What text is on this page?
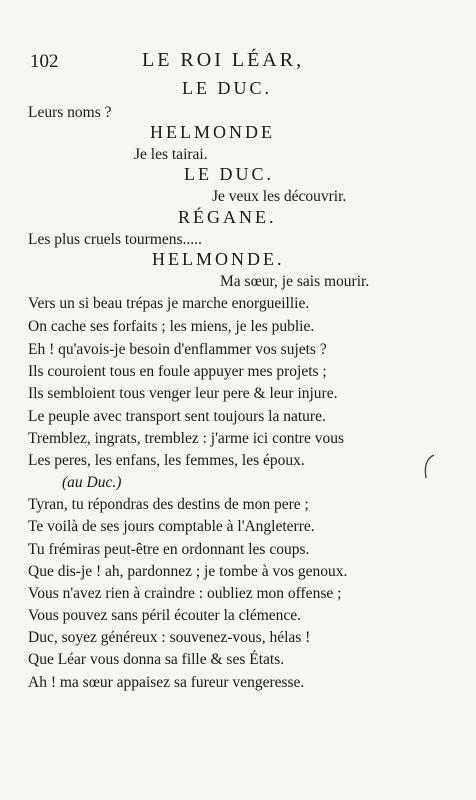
102	LE ROI LÉAR,
LE DUC.
Leurs noms ?
HELMONDE
Je les tairai.
LE DUC.
Je veux les découvrir.
RÉGANE.
Les plus cruels tourmens.....
HELMONDE.
Ma sœur, je sais mourir.
Vers un si beau trépas je marche enorgueillie.
On cache ses forfaits ; les miens, je les publie.
Eh ! qu'avois-je besoin d'enflammer vos sujets ?
Ils couroient tous en foule appuyer mes projets ;
Ils sembloient tous venger leur pere & leur injure.
Le peuple avec transport sent toujours la nature.
Tremblez, ingrats, tremblez : j'arme ici contre vous
Les peres, les enfans, les femmes, les époux.
(au Duc.)
Tyran, tu répondras des destins de mon pere ;
Te voilà de ses jours comptable à l'Angleterre.
Tu frémiras peut-être en ordonnant les coups.
Que dis-je ! ah, pardonnez ; je tombe à vos genoux.
Vous n'avez rien à craindre : oubliez mon offense ;
Vous pouvez sans péril écouter la clémence.
Duc, soyez généreux : souvenez-vous, hélas !
Que Léar vous donna sa fille & ses États.
Ah ! ma sœur appaisez sa fureur vengeresse.
